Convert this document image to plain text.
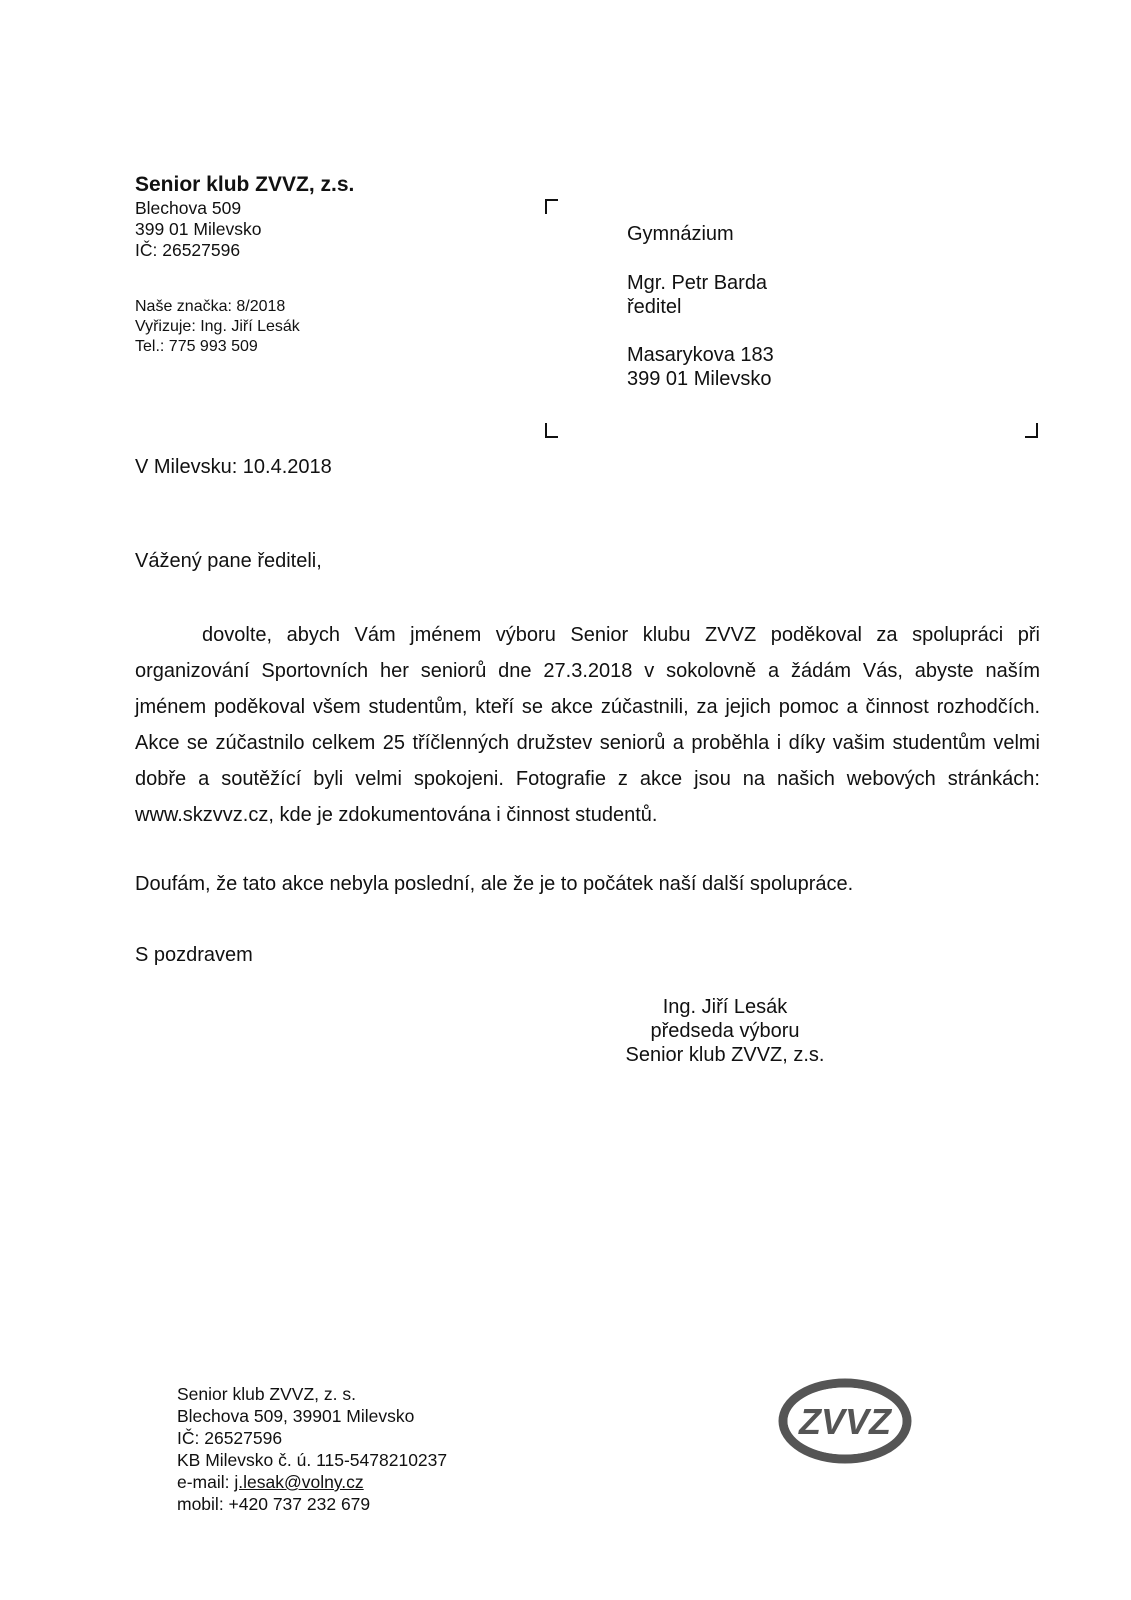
Senior klub ZVVZ, z.s.
Blechova 509
399 01 Milevsko
IČ: 26527596
Naše značka: 8/2018
Vyřizuje: Ing. Jiří Lesák
Tel.: 775 993 509
Gymnázium
Mgr. Petr Barda
ředitel
Masarykova 183
399 01 Milevsko
V Milevsku: 10.4.2018
Vážený pane řediteli,
dovolte, abych Vám jménem výboru Senior klubu ZVVZ poděkoval za spolupráci při organizování Sportovních her seniorů dne 27.3.2018 v sokolovně a žádám Vás, abyste naším jménem poděkoval všem studentům, kteří se akce zúčastnili, za jejich pomoc a činnost rozhodčích. Akce se zúčastnilo celkem 25 tříčlenných družstev seniorů a proběhla i díky vašim studentům velmi dobře a soutěžící byli velmi spokojeni. Fotografie z akce jsou na našich webových stránkách: www.skzvvz.cz, kde je zdokumentována i činnost studentů.
Doufám, že tato akce nebyla poslední, ale že je to počátek naší další spolupráce.
S pozdravem
Ing. Jiří Lesák
předseda výboru
Senior klub ZVVZ, z.s.
Senior klub ZVVZ, z. s.
Blechova 509, 39901 Milevsko
IČ: 26527596
KB Milevsko č. ú. 115-5478210237
e-mail: j.lesak@volny.cz
mobil: +420 737 232 679
ZVVZ
